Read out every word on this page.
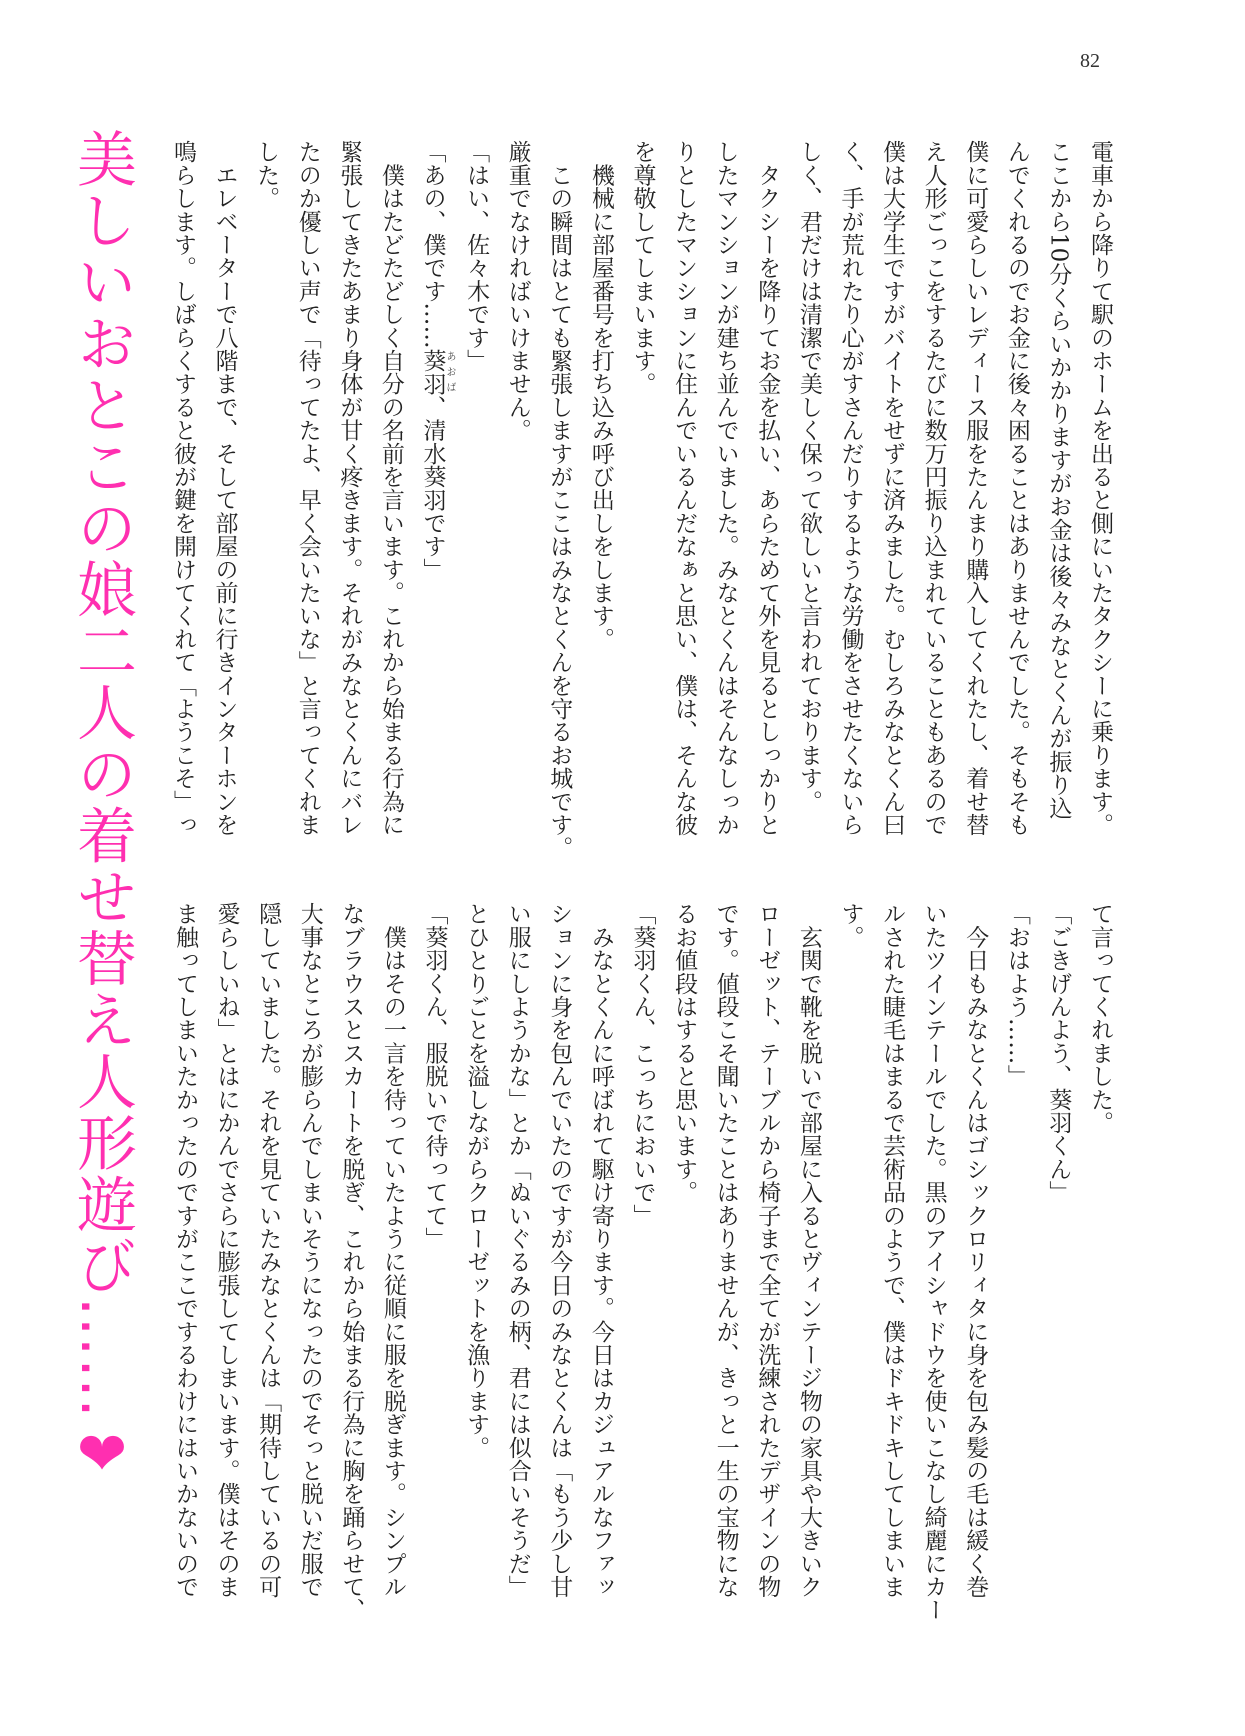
82
美しいおとこの娘二人の着せ替え人形遊び……❤	電車から降りて駅のホームを出ると側にいたタクシーに乗ります。
ここから10分くらいかかりますがお金は後々みなとくんが振り込
んでくれるのでお金に後々困ることはありませんでした。そもそも
僕に可愛らしいレディース服をたんまり購入してくれたし、着せ替
え人形ごっこをするたびに数万円振り込まれていることもあるので
僕は大学生ですがバイトをせずに済みました。むしろみなとくん曰
く、手が荒れたり心がすさんだりするような労働をさせたくないら
しく、君だけは清潔で美しく保って欲しいと言われております。
　タクシーを降りてお金を払い、あらためて外を見るとしっかりと
したマンションが建ち並んでいました。みなとくんはそんなしっか
りとしたマンションに住んでいるんだなぁと思い、僕は、そんな彼
を尊敬してしまいます。
　機械に部屋番号を打ち込み呼び出しをします。
　この瞬間はとても緊張しますがここはみなとくんを守るお城です。
厳重でなければいけません。
「はい、佐々木です」
「あの、僕です……葵羽あおば、清水葵羽です」
　僕はたどたどしく自分の名前を言います。これから始まる行為に
緊張してきたあまり身体が甘く疼きます。それがみなとくんにバレ
たのか優しい声で「待ってたよ、早く会いたいな」と言ってくれま
した。
　エレベーターで八階まで、そして部屋の前に行きインターホンを
鳴らします。しばらくすると彼が鍵を開けてくれて「ようこそ」っ
て言ってくれました。
「ごきげんよう、葵羽くん」
「おはよう……」
　今日もみなとくんはゴシックロリィタに身を包み髪の毛は緩く巻
いたツインテールでした。黒のアイシャドウを使いこなし綺麗にカー
ルされた睫毛はまるで芸術品のようで、僕はドキドキしてしまいま
す。
　玄関で靴を脱いで部屋に入るとヴィンテージ物の家具や大きいク
ローゼット、テーブルから椅子まで全てが洗練されたデザインの物
です。値段こそ聞いたことはありませんが、きっと一生の宝物にな
るお値段はすると思います。
「葵羽くん、こっちにおいで」
　みなとくんに呼ばれて駆け寄ります。今日はカジュアルなファッ
ションに身を包んでいたのですが今日のみなとくんは「もう少し甘
い服にしようかな」とか「ぬいぐるみの柄、君には似合いそうだ」
とひとりごとを溢しながらクローゼットを漁ります。
「葵羽くん、服脱いで待ってて」
　僕はその一言を待っていたように従順に服を脱ぎます。シンプル
なブラウスとスカートを脱ぎ、これから始まる行為に胸を踊らせて、
大事なところが膨らんでしまいそうになったのでそっと脱いだ服で
隠していました。それを見ていたみなとくんは「期待しているの可
愛らしいね」とはにかんでさらに膨張してしまいます。僕はそのま
ま触ってしまいたかったのですがここでするわけにはいかないので
